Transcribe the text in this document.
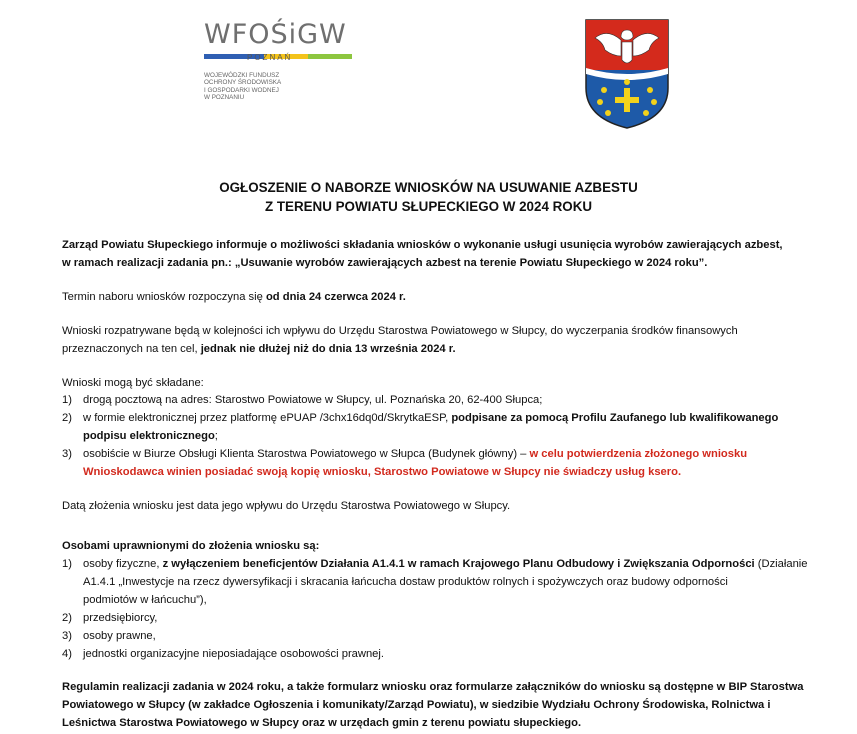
WFOŚiGW
POZNAŃ
WOJEWÓDZKI FUNDUSZ
OCHRONY ŚRODOWISKA
I GOSPODARKI WODNEJ
W POZNANIU
OGŁOSZENIE O NABORZE WNIOSKÓW NA USUWANIE AZBESTU
Z TERENU POWIATU SŁUPECKIEGO W 2024 ROKU
Zarząd Powiatu Słupeckiego informuje o możliwości składania wniosków o wykonanie usługi usunięcia wyrobów zawierających azbest,
w ramach realizacji zadania pn.: „Usuwanie wyrobów zawierających azbest na terenie Powiatu Słupeckiego w 2024 roku”.
Termin naboru wniosków rozpoczyna się od dnia 24 czerwca 2024 r.
Wnioski rozpatrywane będą w kolejności ich wpływu do Urzędu Starostwa Powiatowego w Słupcy, do wyczerpania środków finansowych
przeznaczonych na ten cel, jednak nie dłużej niż do dnia 13 września 2024 r.
Wnioski mogą być składane:
1) drogą pocztową na adres: Starostwo Powiatowe w Słupcy, ul. Poznańska 20, 62-400 Słupca;
2) w formie elektronicznej przez platformę ePUAP /3chx16dq0d/SkrytkaESP, podpisane za pomocą Profilu Zaufanego lub kwalifikowanego
podpisu elektronicznego;
3) osobiście w Biurze Obsługi Klienta Starostwa Powiatowego w Słupca (Budynek główny) – w celu potwierdzenia złożonego wniosku
Wnioskodawca winien posiadać swoją kopię wniosku, Starostwo Powiatowe w Słupcy nie świadczy usług ksero.
Datą złożenia wniosku jest data jego wpływu do Urzędu Starostwa Powiatowego w Słupcy.
Osobami uprawnionymi do złożenia wniosku są:
1) osoby fizyczne, z wyłączeniem beneficjentów Działania A1.4.1 w ramach Krajowego Planu Odbudowy i Zwiększania Odporności (Działanie
A1.4.1 „Inwestycje na rzecz dywersyfikacji i skracania łańcucha dostaw produktów rolnych i spożywczych oraz budowy odporności
podmiotów w łańcuchu”),
2) przedsiębiorcy,
3) osoby prawne,
4) jednostki organizacyjne nieposiadające osobowości prawnej.
Regulamin realizacji zadania w 2024 roku, a także formularz wniosku oraz formularze załączników do wniosku są dostępne w BIP Starostwa
Powiatowego w Słupcy (w zakładce Ogłoszenia i komunikaty/Zarząd Powiatu), w siedzibie Wydziału Ochrony Środowiska, Rolnictwa i
Leśnictwa Starostwa Powiatowego w Słupcy oraz w urzędach gmin z terenu powiatu słupeckiego.
